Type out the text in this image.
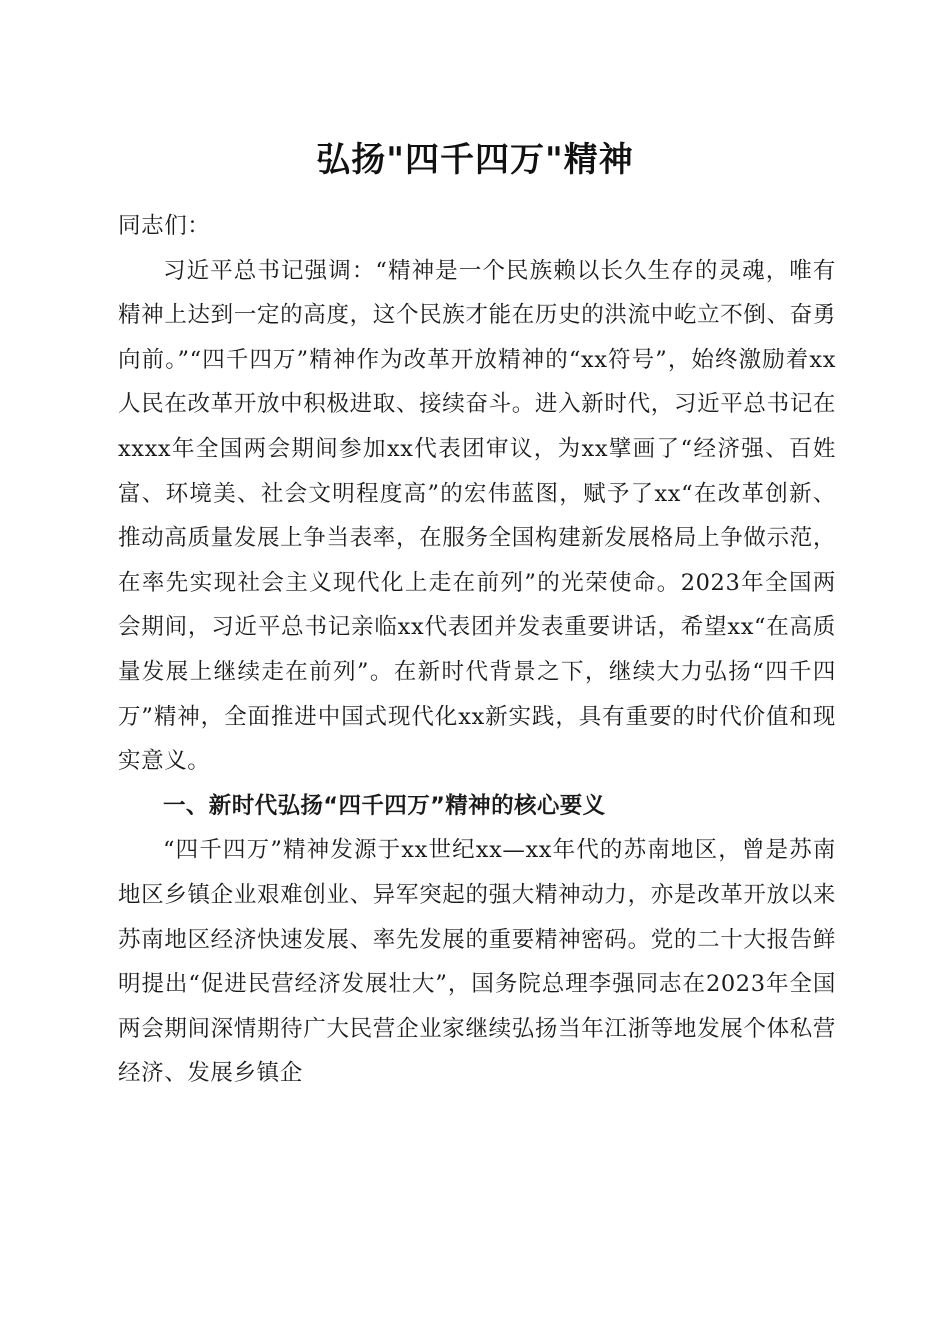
弘扬"四千四万"精神

同志们：

习近平总书记强调：“精神是一个民族赖以长久生存的灵魂，唯有精神上达到一定的高度，这个民族才能在历史的洪流中屹立不倒、奋勇向前。”“四千四万”精神作为改革开放精神的“xx符号”，始终激励着xx人民在改革开放中积极进取、接续奋斗。进入新时代，习近平总书记在xxxx年全国两会期间参加xx代表团审议，为xx擘画了“经济强、百姓富、环境美、社会文明程度高”的宏伟蓝图，赋予了xx“在改革创新、推动高质量发展上争当表率，在服务全国构建新发展格局上争做示范，在率先实现社会主义现代化上走在前列”的光荣使命。2023年全国两会期间，习近平总书记亲临xx代表团并发表重要讲话，希望xx“在高质量发展上继续走在前列”。在新时代背景之下，继续大力弘扬“四千四万”精神，全面推进中国式现代化xx新实践，具有重要的时代价值和现实意义。

一、新时代弘扬“四千四万”精神的核心要义

“四千四万”精神发源于xx世纪xx—xx年代的苏南地区，曾是苏南地区乡镇企业艰难创业、异军突起的强大精神动力，亦是改革开放以来苏南地区经济快速发展、率先发展的重要精神密码。党的二十大报告鲜明提出“促进民营经济发展壮大”，国务院总理李强同志在2023年全国两会期间深情期待广大民营企业家继续弘扬当年江浙等地发展个体私营经济、发展乡镇企
